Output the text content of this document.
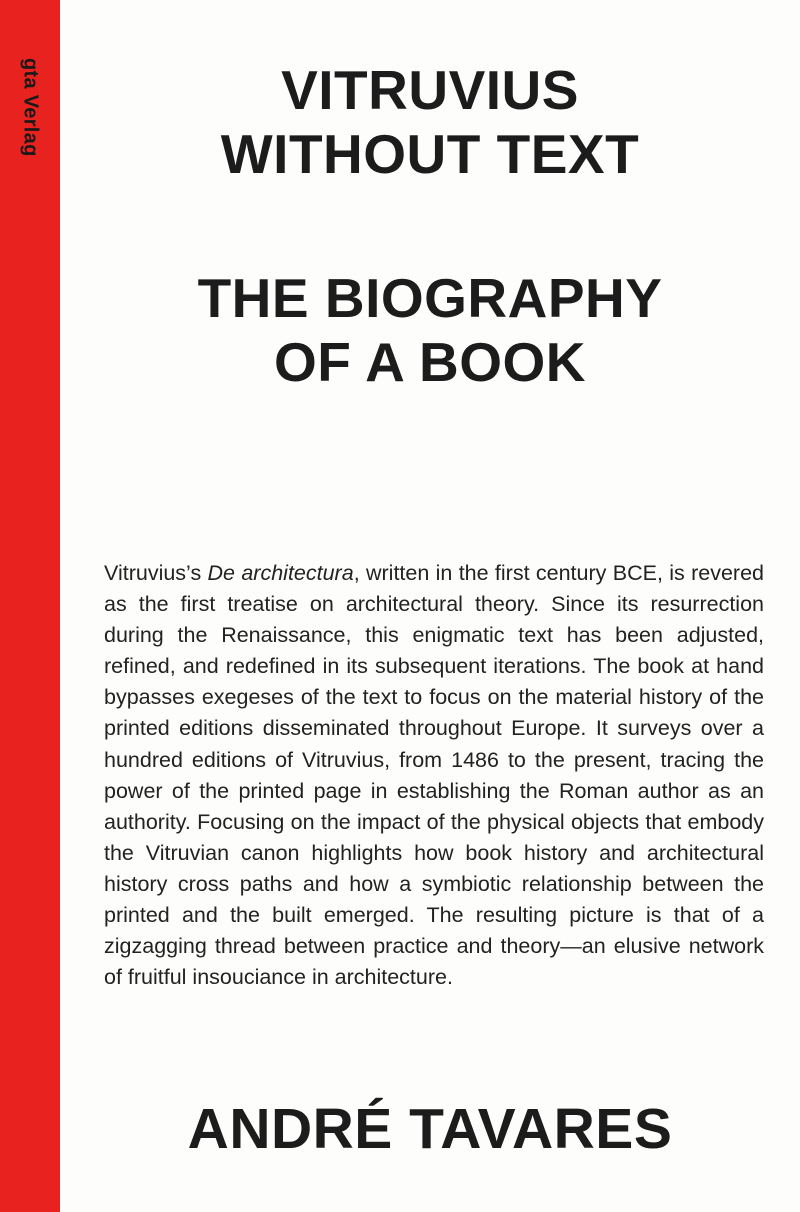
gta Verlag	VITRUVIUS
WITHOUT TEXT
THE BIOGRAPHY
OF A BOOK

Vitruvius’s De architectura, written in the first century BCE, is revered as the first treatise on architectural theory. Since its resurrection during the Renaissance, this enigmatic text has been adjusted, refined, and redefined in its subsequent iterations. The book at hand bypasses exegeses of the text to focus on the material history of the printed editions disseminated throughout Europe. It surveys over a hundred editions of Vitruvius, from 1486 to the present, tracing the power of the printed page in establishing the Roman author as an authority. Focusing on the impact of the physical objects that embody the Vitruvian canon highlights how book history and architectural history cross paths and how a symbiotic relationship between the printed and the built emerged. The resulting picture is that of a zigzagging thread between practice and theory—an elusive network of fruitful insouciance in architecture.

ANDRÉ TAVARES
